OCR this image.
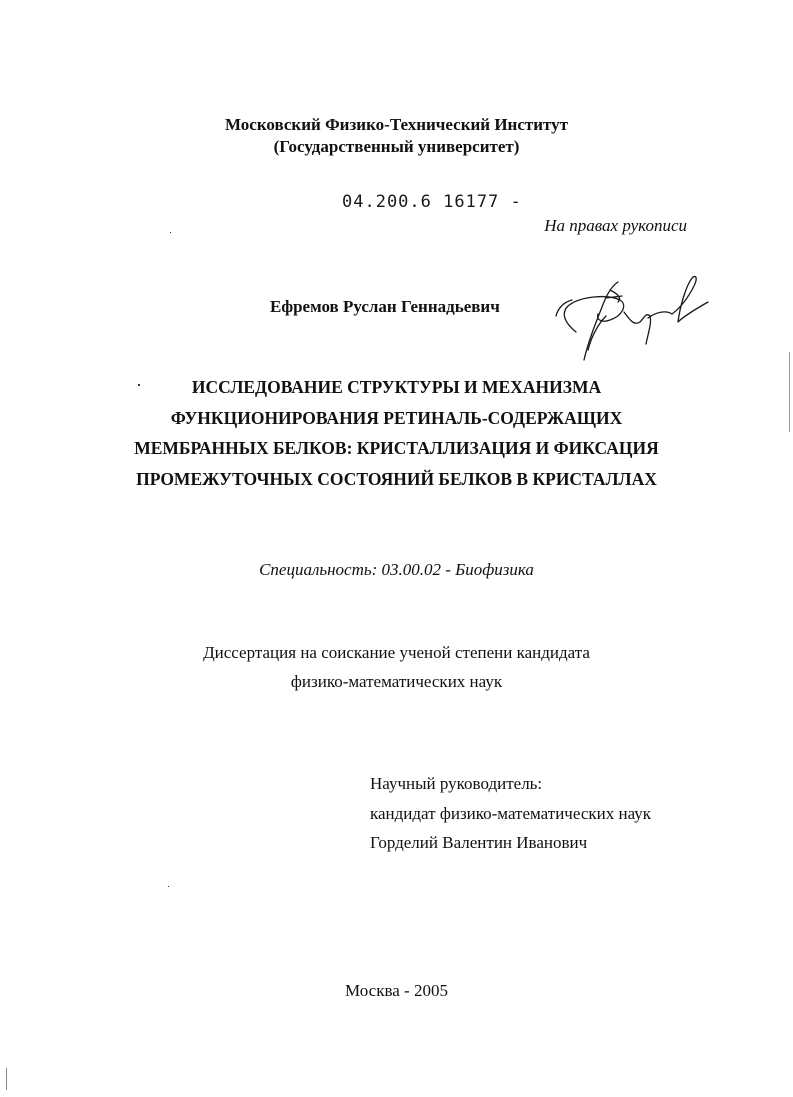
Московский Физико-Технический Институт
(Государственный университет)
04.200.6 16177 -
На правах рукописи
Ефремов Руслан Геннадьевич
ИССЛЕДОВАНИЕ СТРУКТУРЫ И МЕХАНИЗМА
ФУНКЦИОНИРОВАНИЯ РЕТИНАЛЬ-СОДЕРЖАЩИХ
МЕМБРАННЫХ БЕЛКОВ: КРИСТАЛЛИЗАЦИЯ И ФИКСАЦИЯ
ПРОМЕЖУТОЧНЫХ СОСТОЯНИЙ БЕЛКОВ В КРИСТАЛЛАХ
Специальность: 03.00.02 - Биофизика
Диссертация на соискание ученой степени кандидата
физико-математических наук
Научный руководитель:
кандидат физико-математических наук
Горделий Валентин Иванович
Москва - 2005
